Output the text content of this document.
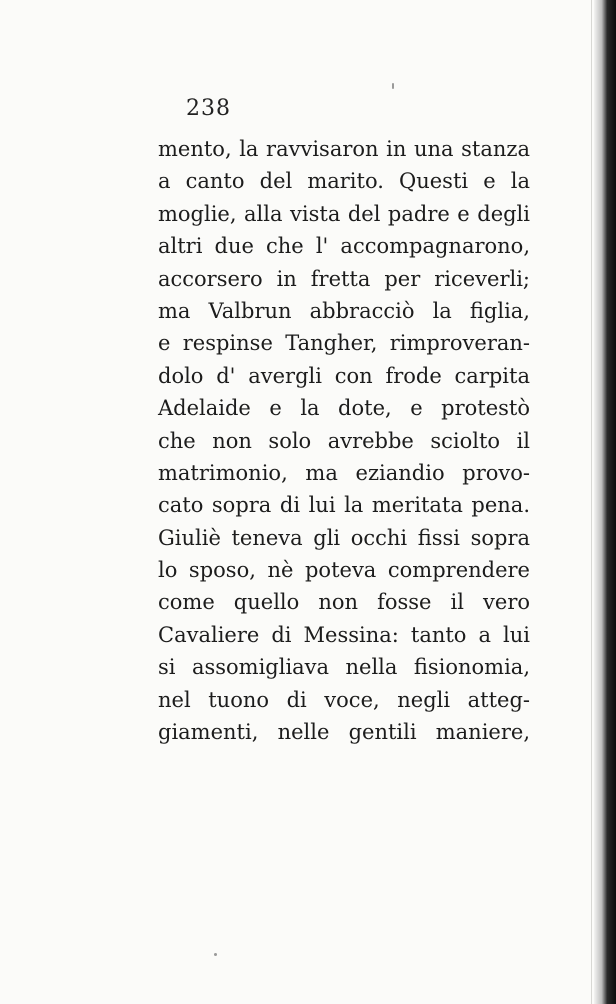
238
mento, la ravvisaron in una stanza
a canto del marito. Questi e la
moglie, alla vista del padre e degli
altri due che l' accompagnarono,
accorsero in fretta per riceverli;
ma Valbrun abbracciò la figlia,
e respinse Tangher, rimproveran-
dolo d' avergli con frode carpita
Adelaide e la dote, e protestò
che non solo avrebbe sciolto il
matrimonio, ma eziandio provo-
cato sopra di lui la meritata pena.
Giuliè teneva gli occhi fissi sopra
lo sposo, nè poteva comprendere
come quello non fosse il vero
Cavaliere di Messina: tanto a lui
si assomigliava nella fisionomia,
nel tuono di voce, negli atteg-
giamenti, nelle gentili maniere,
